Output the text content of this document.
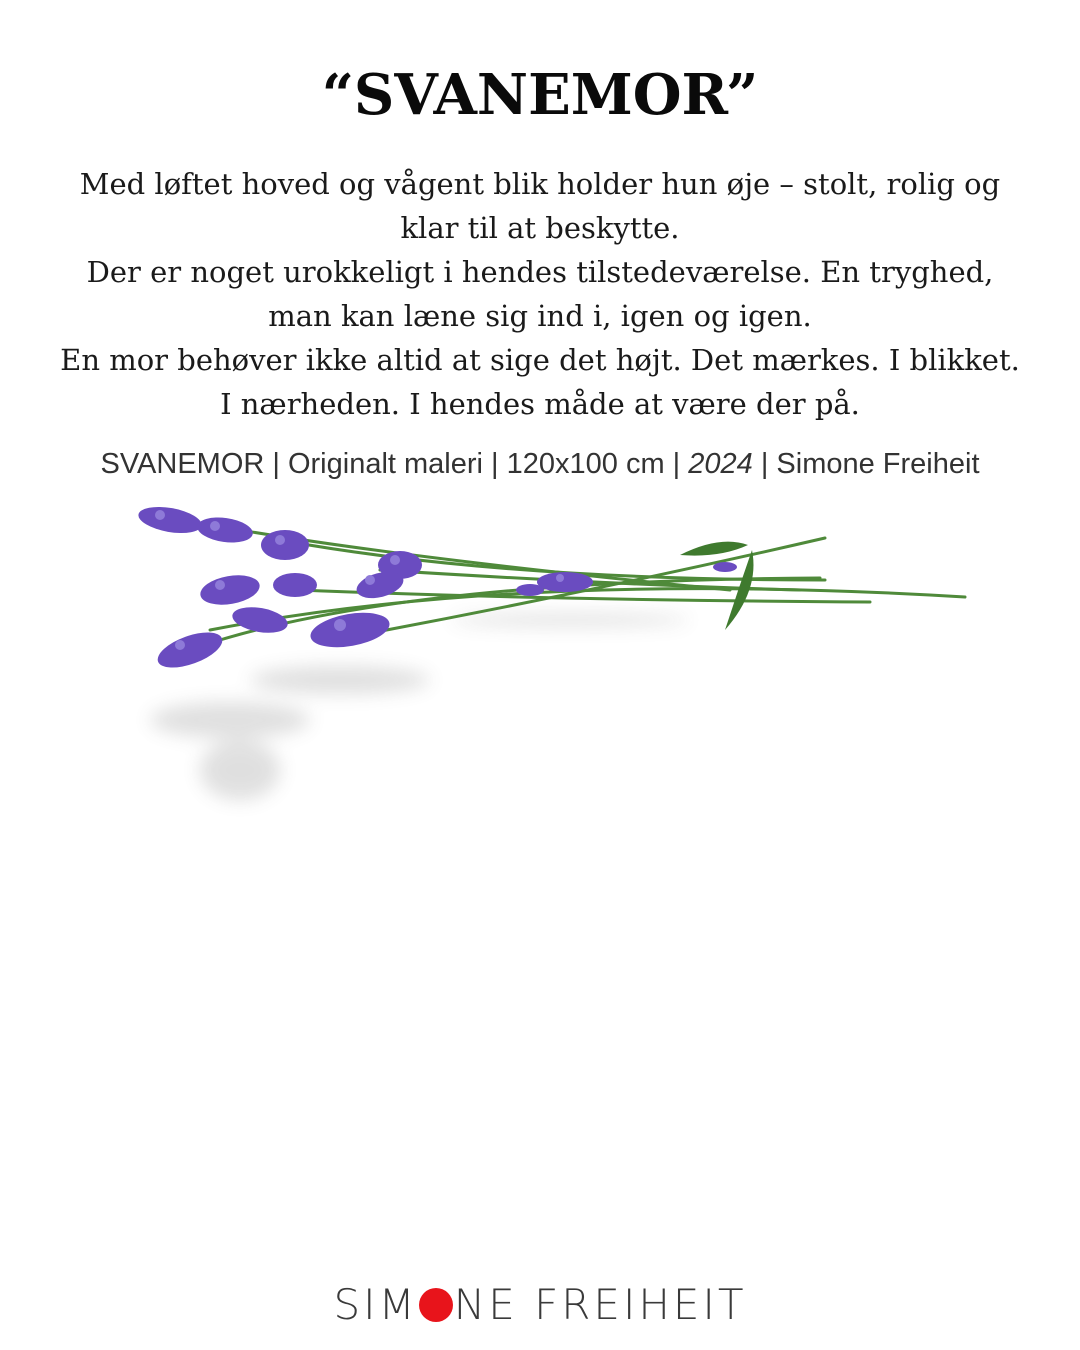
“SVANEMOR”

Med løftet hoved og vågent blik holder hun øje – stolt, rolig og klar til at beskytte.

Der er noget urokkeligt i hendes tilstedeværelse. En tryghed, man kan læne sig ind i, igen og igen.

En mor behøver ikke altid at sige det højt. Det mærkes. I blikket. I nærheden. I hendes måde at være der på.

SVANEMOR | Originalt maleri | 120x100 cm | 2024 | Simone Freiheit
SIM NE FREIHEIT
